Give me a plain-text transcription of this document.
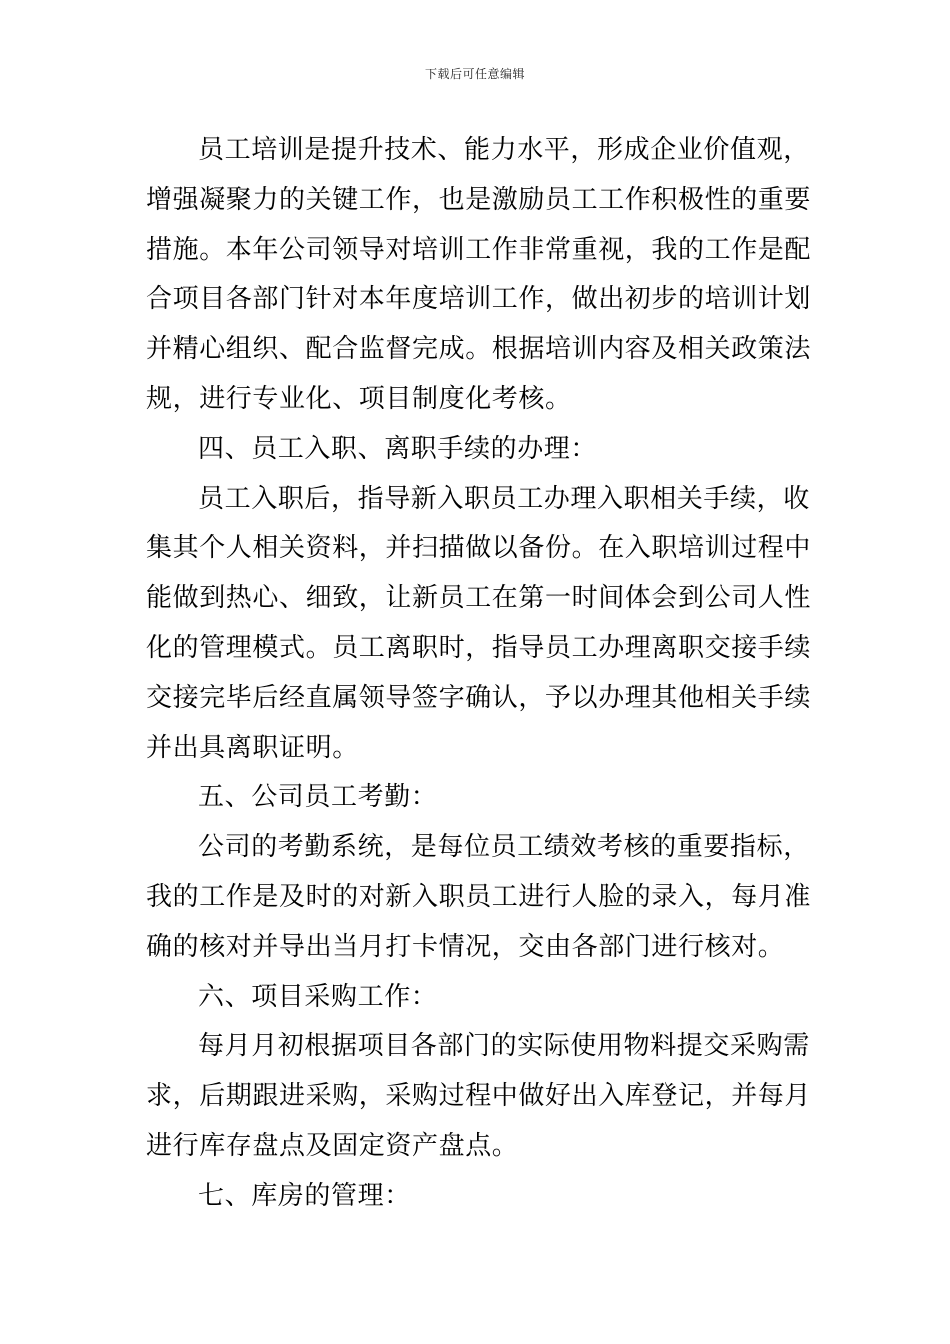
下载后可任意编辑
员工培训是提升技术、能力水平，形成企业价值观，
增强凝聚力的关键工作，也是激励员工工作积极性的重要
措施。本年公司领导对培训工作非常重视，我的工作是配
合项目各部门针对本年度培训工作，做出初步的培训计划
并精心组织、配合监督完成。根据培训内容及相关政策法
规，进行专业化、项目制度化考核。
四、员工入职、离职手续的办理：
员工入职后，指导新入职员工办理入职相关手续，收
集其个人相关资料，并扫描做以备份。在入职培训过程中
能做到热心、细致，让新员工在第一时间体会到公司人性
化的管理模式。员工离职时，指导员工办理离职交接手续
交接完毕后经直属领导签字确认，予以办理其他相关手续
并出具离职证明。
五、公司员工考勤：
公司的考勤系统，是每位员工绩效考核的重要指标，
我的工作是及时的对新入职员工进行人脸的录入，每月准
确的核对并导出当月打卡情况，交由各部门进行核对。
六、项目采购工作：
每月月初根据项目各部门的实际使用物料提交采购需
求，后期跟进采购，采购过程中做好出入库登记，并每月
进行库存盘点及固定资产盘点。
七、库房的管理：
